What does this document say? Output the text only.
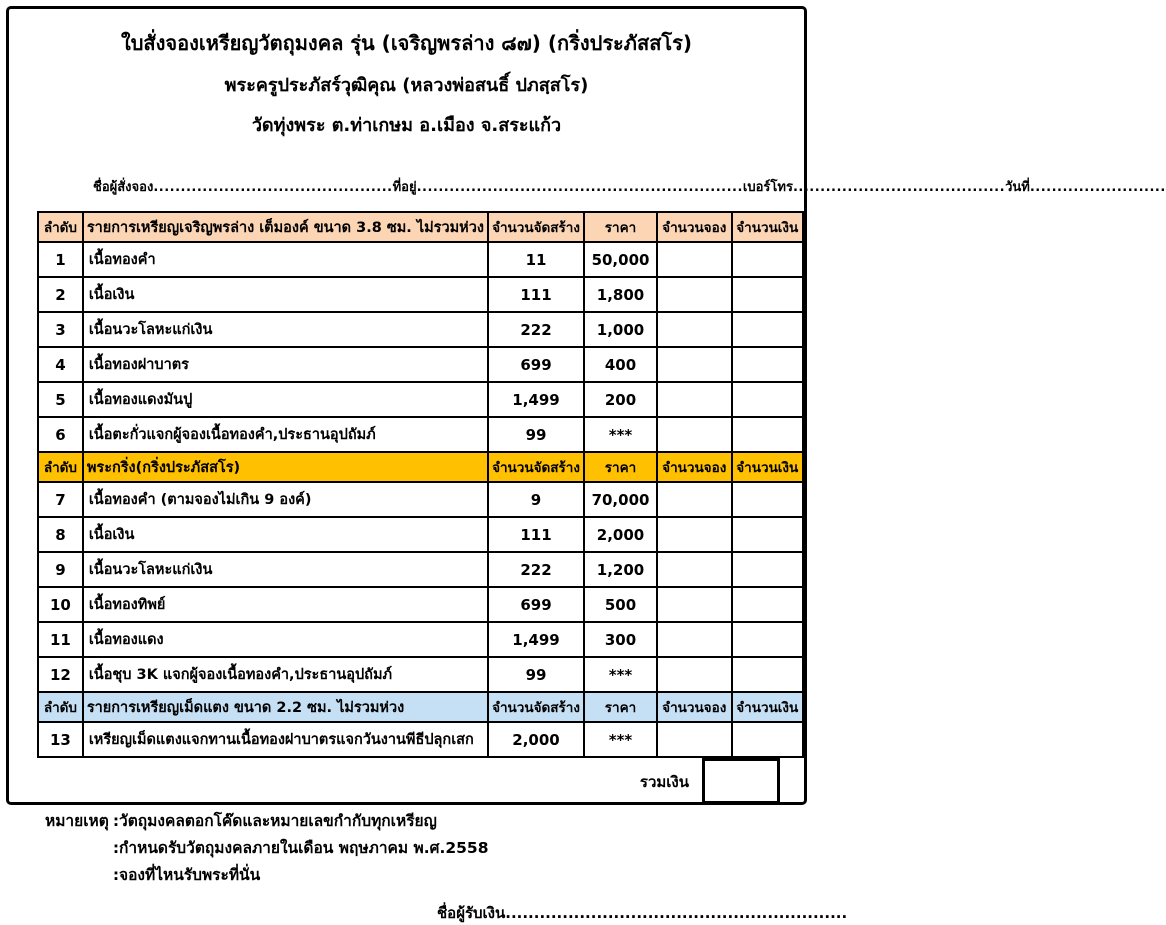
ใบสั่งจองเหรียญวัตถุมงคล รุ่น (เจริญพรล่าง ๘๗) (กริ่งประภัสสโร)
พระครูประภัสร์วุฒิคุณ (หลวงพ่อสนธิ์ ปภสฺสโร)
วัดทุ่งพระ ต.ท่าเกษม อ.เมือง จ.สระแก้ว
ชื่อผู้สั่งจอง............................................ที่อยู่............................................................เบอร์โทร.......................................วันที่.........................
ลำดับ	รายการเหรียญเจริญพรล่าง เต็มองค์ ขนาด 3.8 ซม. ไม่รวมห่วง	จำนวนจัดสร้าง	ราคา	จำนวนจอง	จำนวนเงิน
1	เนื้อทองคำ	11	50,000		
2	เนื้อเงิน	111	1,800		
3	เนื้อนวะโลหะแก่เงิน	222	1,000		
4	เนื้อทองฝาบาตร	699	400		
5	เนื้อทองแดงมันปู	1,499	200		
6	เนื้อตะกั่วแจกผู้จองเนื้อทองคำ,ประธานอุปถัมภ์	99	***		
ลำดับ	พระกริ่ง(กริ่งประภัสสโร)	จำนวนจัดสร้าง	ราคา	จำนวนจอง	จำนวนเงิน
7	เนื้อทองคำ (ตามจองไม่เกิน 9 องค์)	9	70,000		
8	เนื้อเงิน	111	2,000		
9	เนื้อนวะโลหะแก่เงิน	222	1,200		
10	เนื้อทองทิพย์	699	500		
11	เนื้อทองแดง	1,499	300		
12	เนื้อชุบ 3K แจกผู้จองเนื้อทองคำ,ประธานอุปถัมภ์	99	***		
ลำดับ	รายการเหรียญเม็ดแตง ขนาด 2.2 ซม. ไม่รวมห่วง	จำนวนจัดสร้าง	ราคา	จำนวนจอง	จำนวนเงิน
13	เหรียญเม็ดแตงแจกทานเนื้อทองฝาบาตรแจกวันงานพีธีปลุกเสก	2,000	***		
รวมเงิน
หมายเหตุ :วัตถุมงคลตอกโค๊ดและหมายเลขกำกับทุกเหรียญ
:กำหนดรับวัตถุมงคลภายในเดือน พฤษภาคม พ.ศ.2558
:จองที่ไหนรับพระที่นั่น
ชื่อผู้รับเงิน............................................................
